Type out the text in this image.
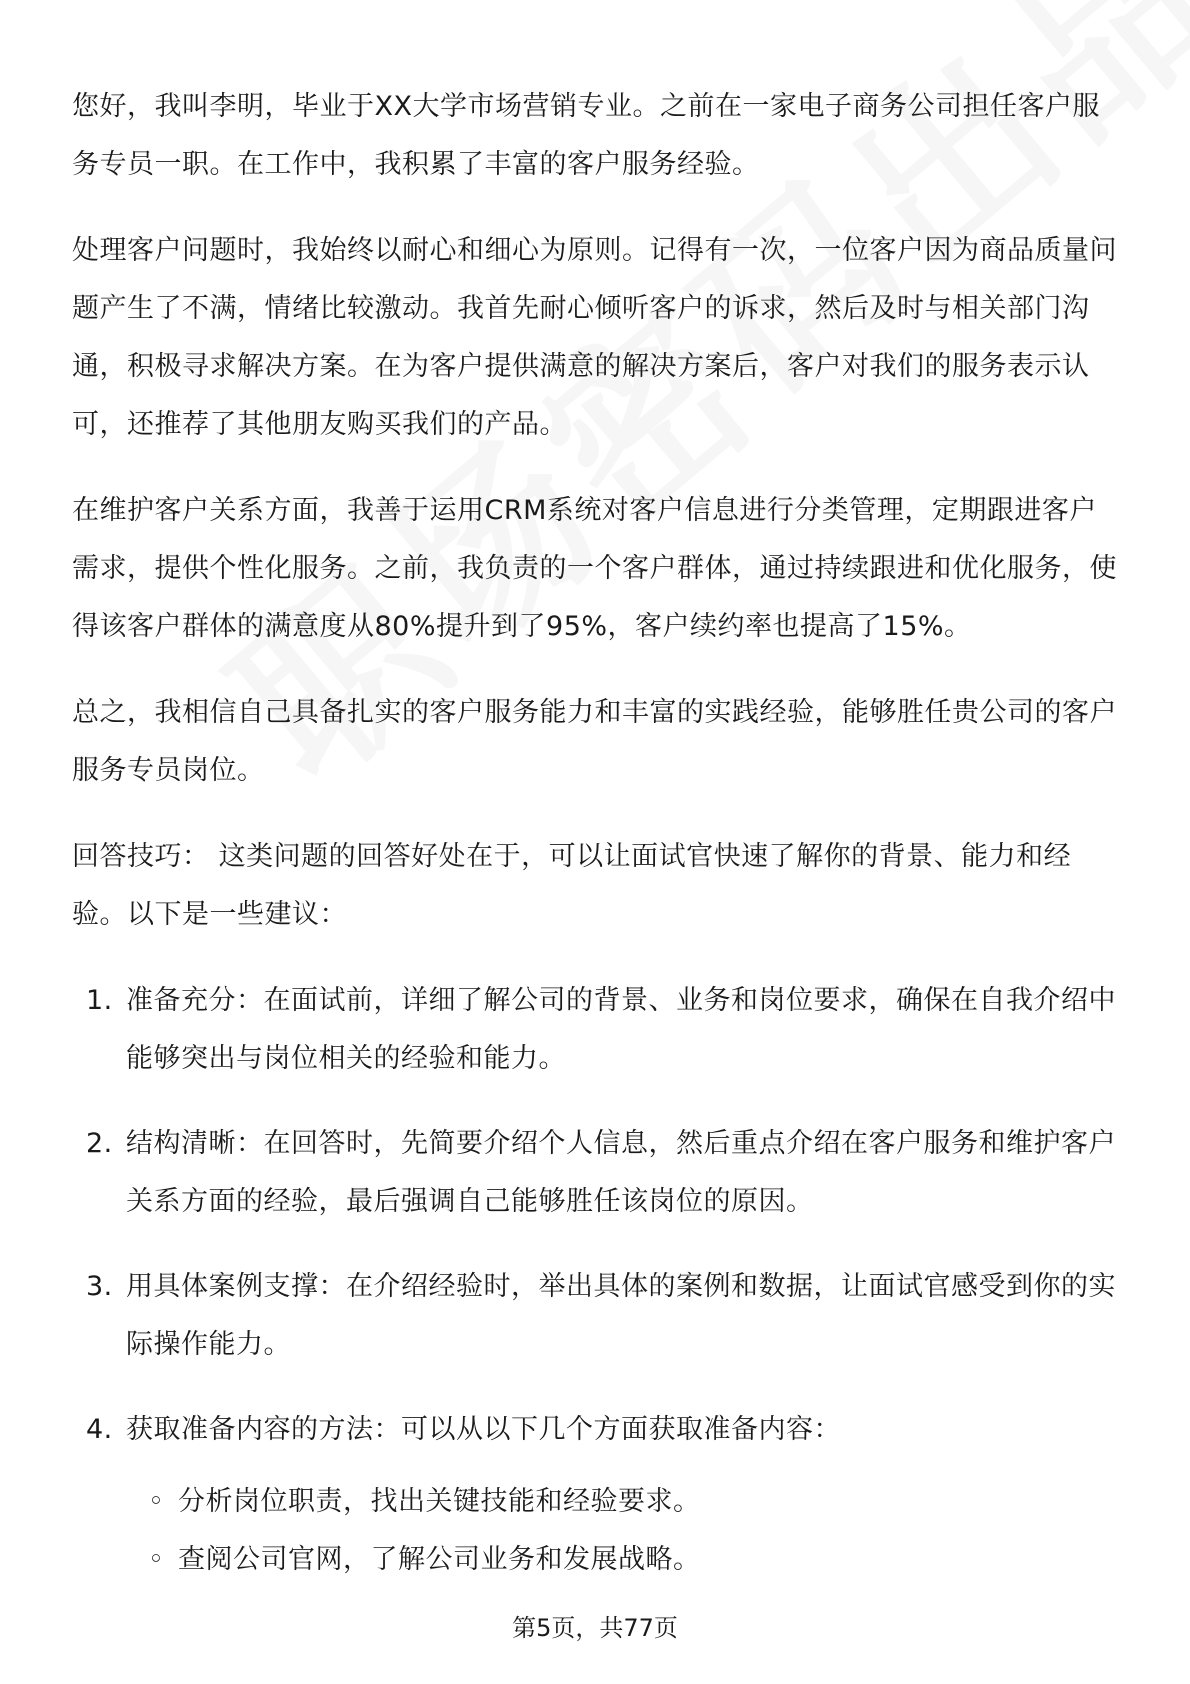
您好，我叫李明，毕业于XX大学市场营销专业。之前在一家电子商务公司担任客户服务专员一职。在工作中，我积累了丰富的客户服务经验。

处理客户问题时，我始终以耐心和细心为原则。记得有一次，一位客户因为商品质量问题产生了不满，情绪比较激动。我首先耐心倾听客户的诉求，然后及时与相关部门沟通，积极寻求解决方案。在为客户提供满意的解决方案后，客户对我们的服务表示认可，还推荐了其他朋友购买我们的产品。

在维护客户关系方面，我善于运用CRM系统对客户信息进行分类管理，定期跟进客户需求，提供个性化服务。之前，我负责的一个客户群体，通过持续跟进和优化服务，使得该客户群体的满意度从80%提升到了95%，客户续约率也提高了15%。

总之，我相信自己具备扎实的客户服务能力和丰富的实践经验，能够胜任贵公司的客户服务专员岗位。

回答技巧： 这类问题的回答好处在于，可以让面试官快速了解你的背景、能力和经验。以下是一些建议：

1. 准备充分：在面试前，详细了解公司的背景、业务和岗位要求，确保在自我介绍中能够突出与岗位相关的经验和能力。
2. 结构清晰：在回答时，先简要介绍个人信息，然后重点介绍在客户服务和维护客户关系方面的经验，最后强调自己能够胜任该岗位的原因。
3. 用具体案例支撑：在介绍经验时，举出具体的案例和数据，让面试官感受到你的实际操作能力。
4. 获取准备内容的方法：可以从以下几个方面获取准备内容：
◦ 分析岗位职责，找出关键技能和经验要求。
◦ 查阅公司官网，了解公司业务和发展战略。
第5页，共77页
